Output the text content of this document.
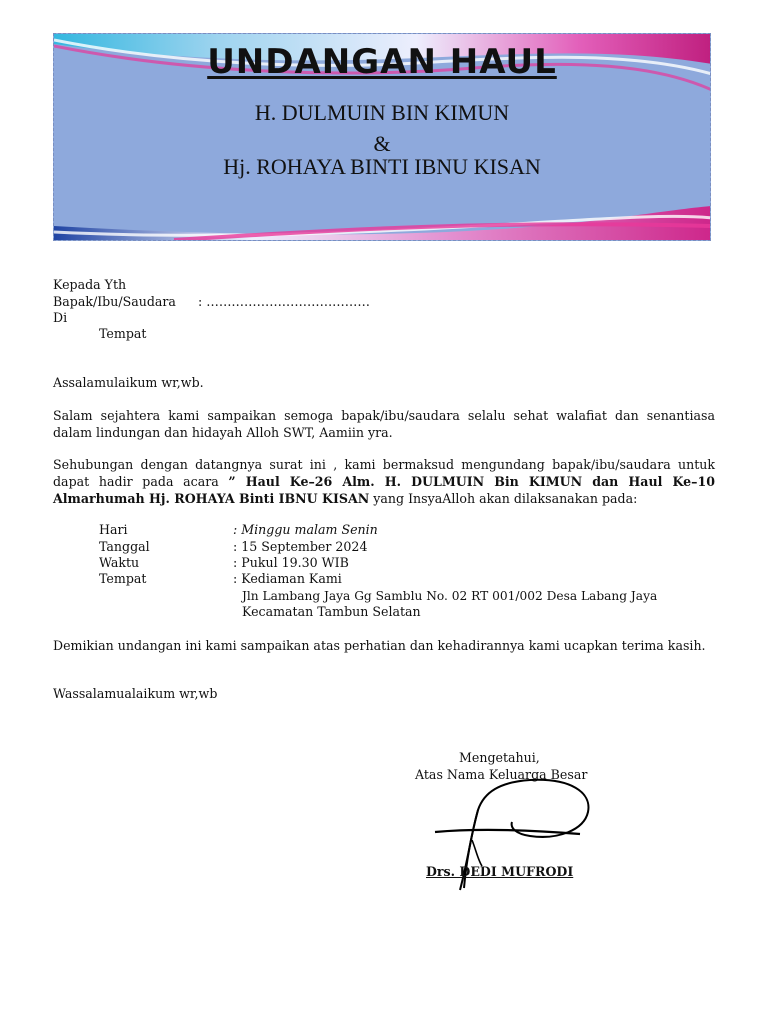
UNDANGAN HAUL
H. DULMUIN BIN KIMUN
&
Hj. ROHAYA BINTI IBNU KISAN
Kepada Yth
Bapak/Ibu/Saudara : …………………………………
Di
Tempat
Assalamulaikum wr,wb.
Salam sejahtera kami sampaikan semoga bapak/ibu/saudara selalu sehat walafiat dan senantiasa dalam lindungan dan hidayah Alloh SWT, Aamiin yra.
Sehubungan dengan datangnya surat ini , kami bermaksud mengundang bapak/ibu/saudara untuk dapat hadir pada acara ” Haul Ke–26 Alm. H. DULMUIN Bin KIMUN dan Haul Ke–10 Almarhumah Hj. ROHAYA Binti IBNU KISAN yang InsyaAlloh akan dilaksanakan pada:
Hari	: Minggu malam Senin
Tanggal	: 15 September 2024
Waktu	: Pukul 19.30 WIB
Tempat	: Kediaman Kami
Jln Lambang Jaya Gg Samblu No. 02 RT 001/002 Desa Labang Jaya
Kecamatan Tambun Selatan
Demikian undangan ini kami sampaikan atas perhatian dan kehadirannya kami ucapkan terima kasih.
Wassalamualaikum wr,wb
Mengetahui,
Atas Nama Keluarga Besar
Drs. DEDI MUFRODI
